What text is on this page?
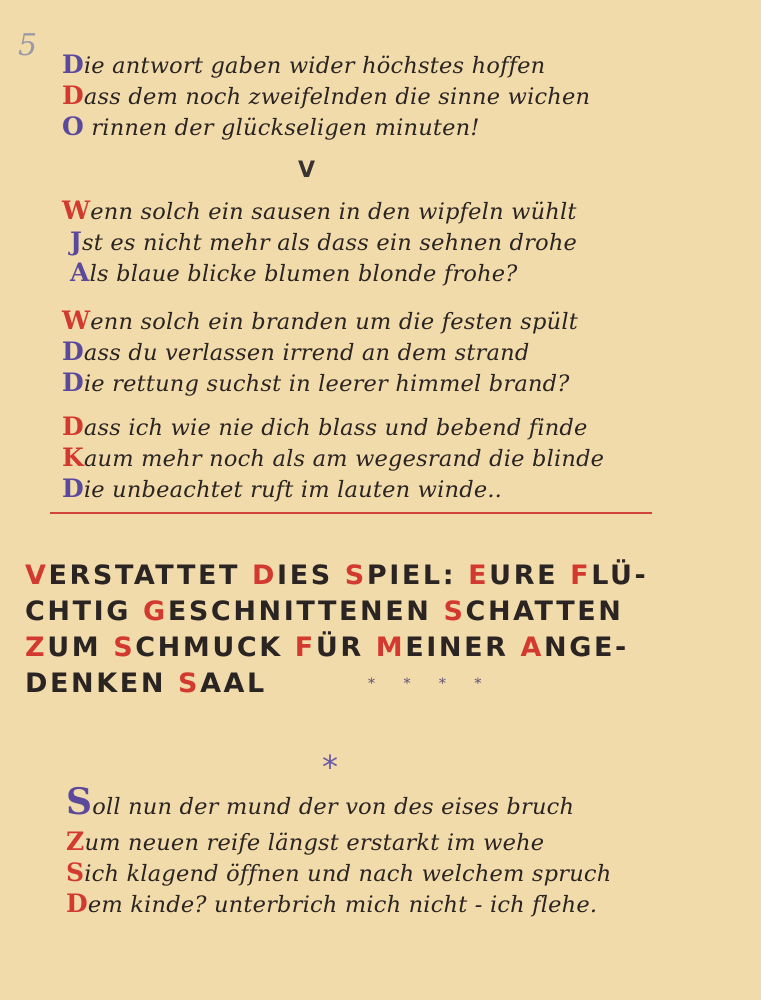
5
Die antwort gaben wider höchstes hoffen
Dass dem noch zweifelnden die sinne wichen
O rinnen der glückseligen minuten!
V
Wenn solch ein sausen in den wipfeln wühlt
Jst es nicht mehr als dass ein sehnen drohe
Als blaue blicke blumen blonde frohe?
Wenn solch ein branden um die festen spült
Dass du verlassen irrend an dem strand
Die rettung suchst in leerer himmel brand?
Dass ich wie nie dich blass und bebend finde
Kaum mehr noch als am wegesrand die blinde
Die unbeachtet ruft im lauten winde..
VERSTATTET DIES SPIEL: EURE FLÜ-
CHTIG GESCHNITTENEN SCHATTEN
ZUM SCHMUCK FÜR MEINER ANGE-
DENKEN SAAL	* * * *
*
Soll nun der mund der von des eises bruch
Zum neuen reife längst erstarkt im wehe
Sich klagend öffnen und nach welchem spruch
Dem kinde? unterbrich mich nicht - ich flehe.
